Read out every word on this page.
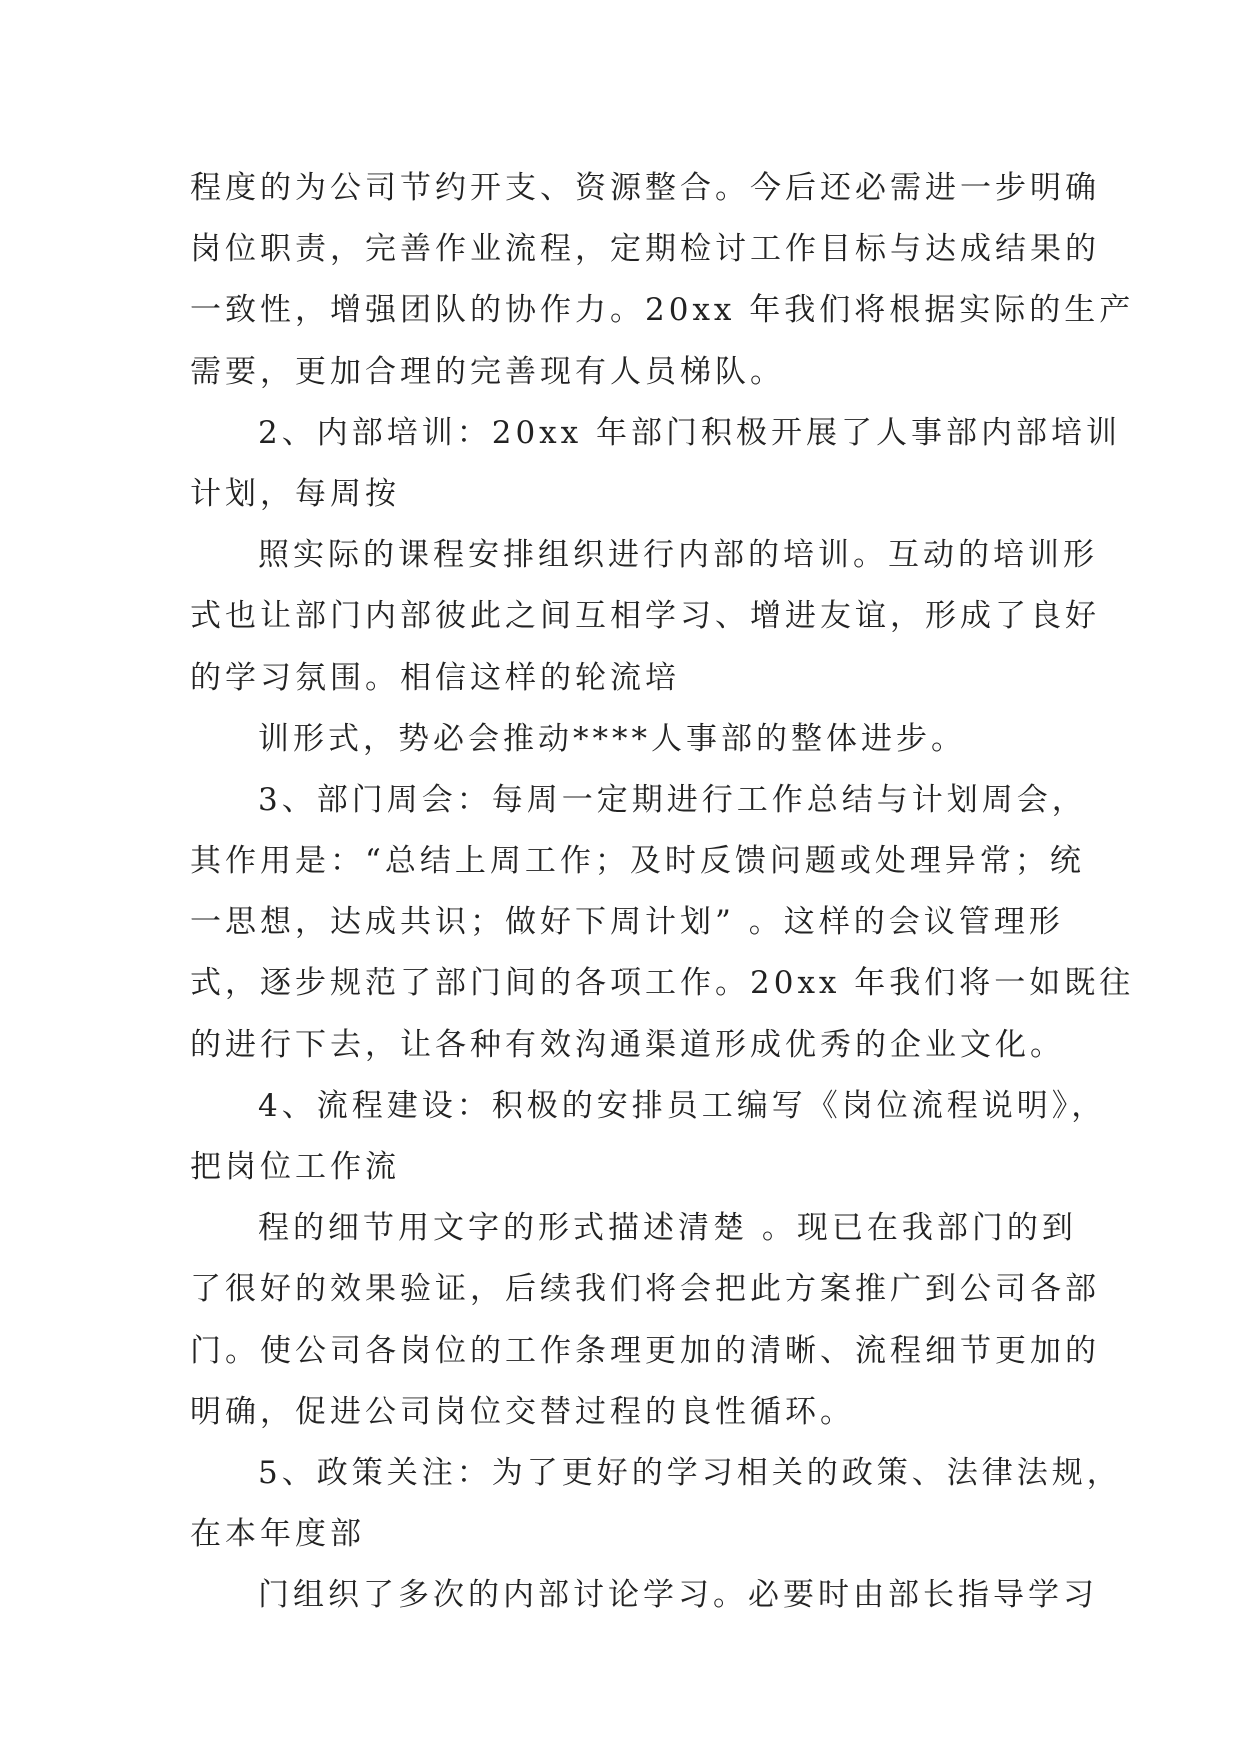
程度的为公司节约开支、资源整合。今后还必需进一步明确
岗位职责，完善作业流程，定期检讨工作目标与达成结果的
一致性，增强团队的协作力。20xx 年我们将根据实际的生产
需要，更加合理的完善现有人员梯队。
2、内部培训：20xx 年部门积极开展了人事部内部培训
计划，每周按
照实际的课程安排组织进行内部的培训。互动的培训形
式也让部门内部彼此之间互相学习、增进友谊，形成了良好
的学习氛围。相信这样的轮流培
训形式，势必会推动****人事部的整体进步。
3、部门周会：每周一定期进行工作总结与计划周会，
其作用是：“总结上周工作；及时反馈问题或处理异常；统
一思想，达成共识；做好下周计划” 。这样的会议管理形
式，逐步规范了部门间的各项工作。20xx 年我们将一如既往
的进行下去，让各种有效沟通渠道形成优秀的企业文化。
4、流程建设：积极的安排员工编写《岗位流程说明》，
把岗位工作流
程的细节用文字的形式描述清楚 。现已在我部门的到
了很好的效果验证，后续我们将会把此方案推广到公司各部
门。使公司各岗位的工作条理更加的清晰、流程细节更加的
明确，促进公司岗位交替过程的良性循环。
5、政策关注：为了更好的学习相关的政策、法律法规，
在本年度部
门组织了多次的内部讨论学习。必要时由部长指导学习
